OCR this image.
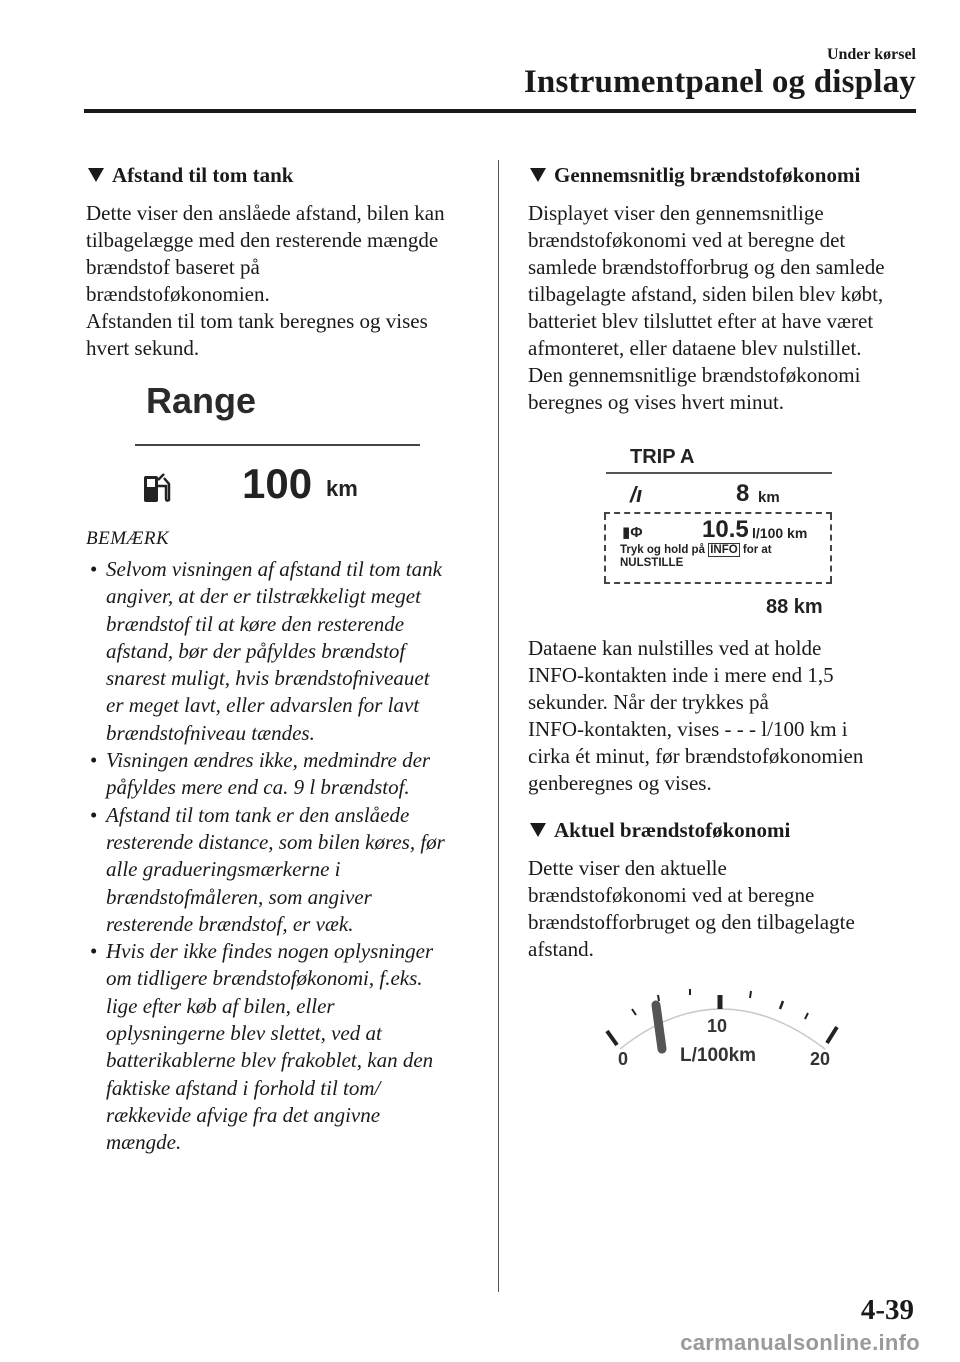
Under kørsel
Instrumentpanel og display
Afstand til tom tank

Dette viser den anslåede afstand, bilen kan
tilbagelægge med den resterende mængde
brændstof baseret på
brændstoføkonomien.
Afstanden til tom tank beregnes og vises
hvert sekund.

Range
100 km
BEMÆRK
• Selvom visningen af afstand til tom tank
angiver, at der er tilstrækkeligt meget
brændstof til at køre den resterende
afstand, bør der påfyldes brændstof
snarest muligt, hvis brændstofniveauet
er meget lavt, eller advarslen for lavt
brændstofniveau tændes.
• Visningen ændres ikke, medmindre der
påfyldes mere end ca. 9 l brændstof.
• Afstand til tom tank er den anslåede
resterende distance, som bilen køres, før
alle gradueringsmærkerne i
brændstofmåleren, som angiver
resterende brændstof, er væk.
• Hvis der ikke findes nogen oplysninger
om tidligere brændstoføkonomi, f.eks.
lige efter køb af bilen, eller
oplysningerne blev slettet, ved at
batterikablerne blev frakoblet, kan den
faktiske afstand i forhold til tom/
rækkevide afvige fra det angivne
mængde.
Gennemsnitlig brændstoføkonomi

Displayet viser den gennemsnitlige
brændstoføkonomi ved at beregne det
samlede brændstofforbrug og den samlede
tilbagelagte afstand, siden bilen blev købt,
batteriet blev tilsluttet efter at have været
afmonteret, eller dataene blev nulstillet.
Den gennemsnitlige brændstoføkonomi
beregnes og vises hvert minut.

TRIP A
/ı	8 km
▮Φ 10.5 l/100 km
Tryk og hold på INFO for at
NULSTILLE
88 km

Dataene kan nulstilles ved at holde
INFO-kontakten inde i mere end 1,5
sekunder. Når der trykkes på
INFO-kontakten, vises - - - l/100 km i
cirka ét minut, før brændstoføkonomien
genberegnes og vises.

Aktuel brændstoføkonomi

Dette viser den aktuelle
brændstoføkonomi ved at beregne
brændstofforbruget og den tilbagelagte
afstand.

0
10
20
L/100km
4-39
carmanualsonline.info
